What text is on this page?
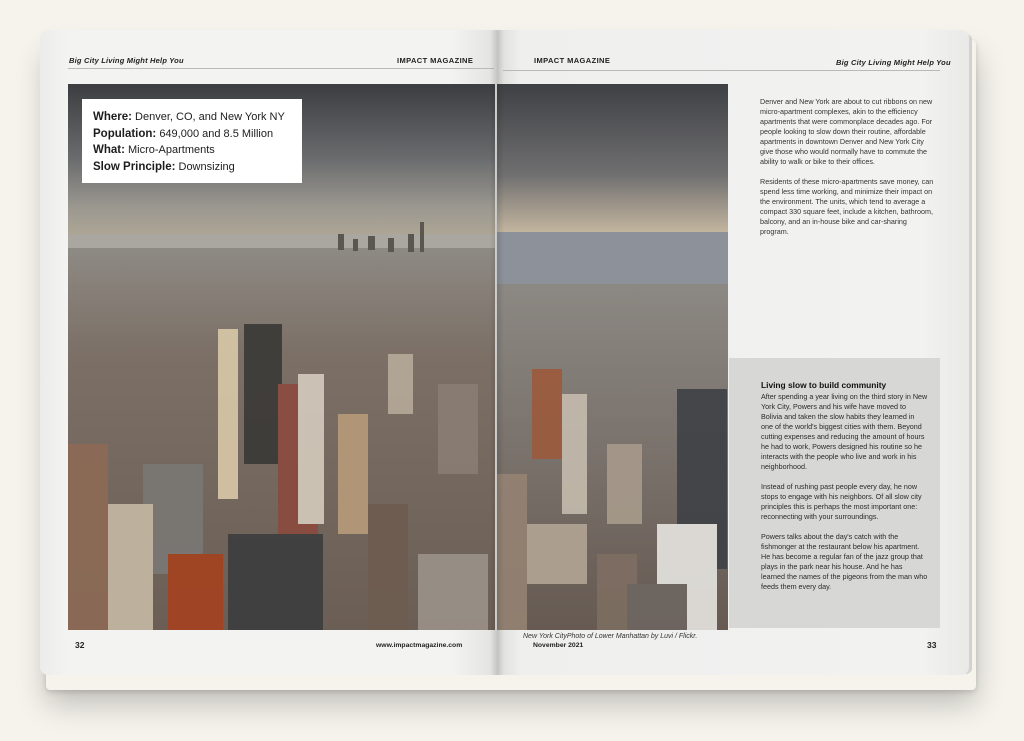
Big City Living Might Help You	IMPACT MAGAZINE	IMPACT MAGAZINE	Big City Living Might Help You
Where: Denver, CO, and New York NY
Population: 649,000 and 8.5 Million
What: Micro-Apartments
Slow Principle: Downsizing

Denver and New York are about to cut ribbons on new micro-apartment complexes, akin to the efficiency apartments that were commonplace decades ago. For people looking to slow down their routine, affordable apartments in downtown Denver and New York City give those who would normally have to commute the ability to walk or bike to their offices.

Residents of these micro-apartments save money, can spend less time working, and minimize their impact on the environment. The units, which tend to average a compact 330 square feet, include a kitchen, bathroom, balcony, and an in-house bike and car-sharing program.

Living slow to build community

After spending a year living on the third story in New York City, Powers and his wife have moved to Bolivia and taken the slow habits they learned in one of the world's biggest cities with them. Beyond cutting expenses and reducing the amount of hours he had to work, Powers designed his routine so he interacts with the people who live and work in his neighborhood.

Instead of rushing past people every day, he now stops to engage with his neighbors. Of all slow city principles this is perhaps the most important one: reconnecting with your surroundings.

Powers talks about the day's catch with the fishmonger at the restaurant below his apartment. He has become a regular fan of the jazz group that plays in the park near his house. And he has learned the names of the pigeons from the man who feeds them every day.

New York CityPhoto of Lower Manhattan by Luvi / Flickr.
32	www.impactmagazine.com	November 2021	33
